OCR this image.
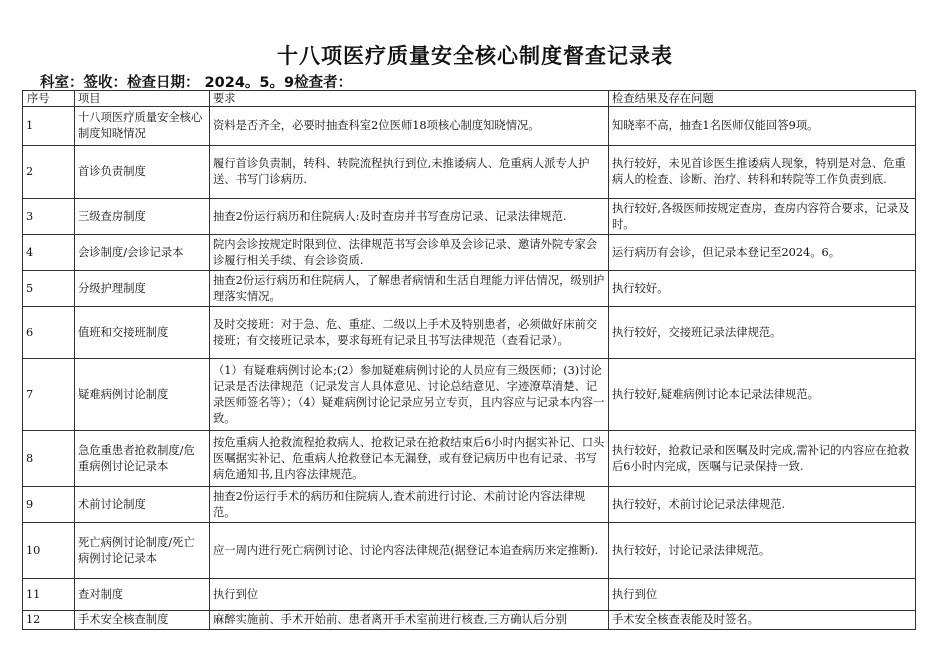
十八项医疗质量安全核心制度督查记录表
科室：签收：检查日期： 2024。5。9检查者：
序号	项目	要求	检查结果及存在问题
1	十八项医疗质量安全核心制度知晓情况	资料是否齐全，必要时抽查科室2位医师18项核心制度知晓情况。	知晓率不高，抽查1名医师仅能回答9项。
2	首诊负责制度	履行首诊负责制，转科、转院流程执行到位,未推诿病人、危重病人派专人护送、书写门诊病历.	执行较好，未见首诊医生推诿病人现象，特别是对急、危重病人的检查、诊断、治疗、转科和转院等工作负责到底.
3	三级查房制度	抽查2份运行病历和住院病人:及时查房并书写查房记录、记录法律规范.	执行较好,各级医师按规定查房，查房内容符合要求，记录及时。
4	会诊制度/会诊记录本	院内会诊按规定时限到位、法律规范书写会诊单及会诊记录、邀请外院专家会诊履行相关手续、有会诊资质.	运行病历有会诊，但记录本登记至2024。6。
5	分级护理制度	抽查2份运行病历和住院病人，了解患者病情和生活自理能力评估情况，级别护理落实情况。	执行较好。
6	值班和交接班制度	及时交接班：对于急、危、重症、二级以上手术及特别患者，必须做好床前交接班；有交接班记录本，要求每班有记录且书写法律规范（查看记录）。	执行较好，交接班记录法律规范。
7	疑难病例讨论制度	（1）有疑难病例讨论本;(2）参加疑难病例讨论的人员应有三级医师；(3)讨论记录是否法律规范（记录发言人具体意见、讨论总结意见、字迹潦草清楚、记录医师签名等）；（4）疑难病例讨论记录应另立专页，且内容应与记录本内容一致。	执行较好,疑难病例讨论本记录法律规范。
8	急危重患者抢救制度/危重病例讨论记录本	按危重病人抢救流程抢救病人、抢救记录在抢救结束后6小时内据实补记、口头医嘱据实补记、危重病人抢救登记本无漏登，或有登记病历中也有记录、书写病危通知书,且内容法律规范。	执行较好，抢救记录和医嘱及时完成,需补记的内容应在抢救后6小时内完成，医嘱与记录保持一致.
9	术前讨论制度	抽查2份运行手术的病历和住院病人,查术前进行讨论、术前讨论内容法律规范。	执行较好，术前讨论记录法律规范.
10	死亡病例讨论制度/死亡病例讨论记录本	应一周内进行死亡病例讨论、讨论内容法律规范(据登记本追查病历来定推断).	执行较好，讨论记录法律规范。
11	查对制度	执行到位	执行到位
12	手术安全核查制度	麻醉实施前、手术开始前、患者离开手术室前进行核查,三方确认后分别	手术安全核查表能及时签名。
